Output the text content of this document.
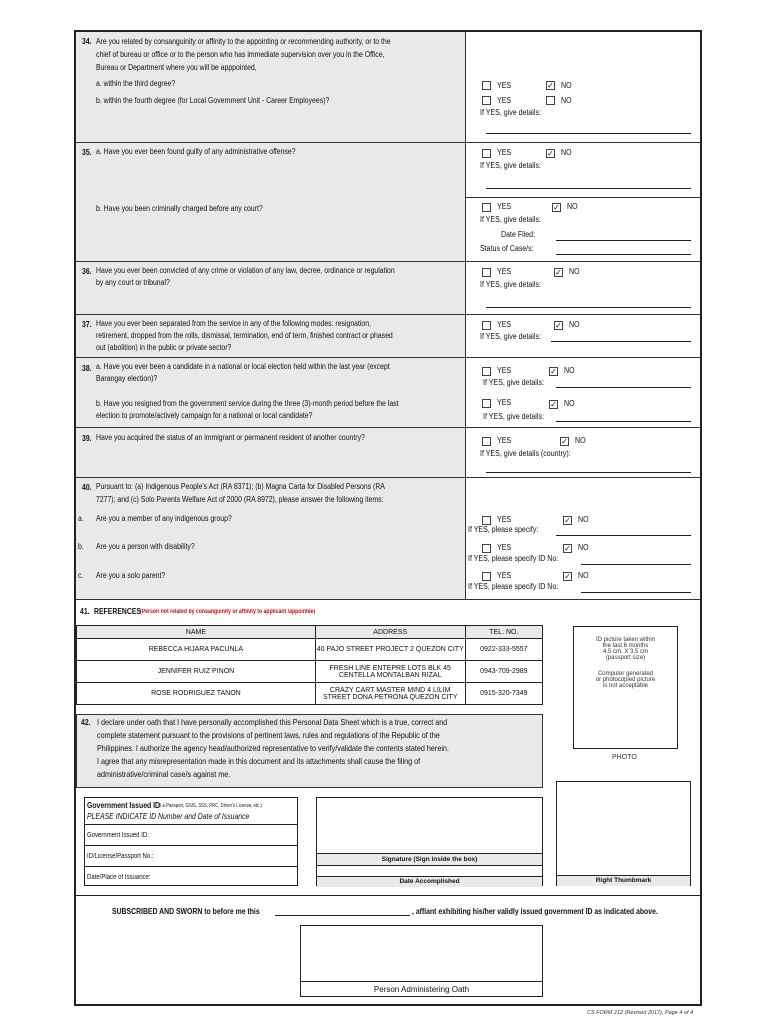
34. Are you related by consanguinity or affinity to the appointing or recommending authority, or to the
chief of bureau or office or to the person who has immediate supervision over you in the Office,
Bureau or Department where you will be apppointed,
a. within the third degree?
b. within the fourth degree (for Local Government Unit - Career Employees)?
YES	✓ NO
YES	NO
If YES, give details:
35. a. Have you ever been found guilty of any administrative offense?
b. Have you been criminally charged before any court?
YES	✓ NO
If YES, give details:
YES	✓ NO
If YES, give details:
Date Filed:
Status of Case/s:
36. Have you ever been convicted of any crime or violation of any law, decree, ordinance or regulation
by any court or tribunal?
YES	✓ NO
If YES, give details:
37. Have you ever been separated from the service in any of the following modes: resignation,
retirement, dropped from the rolls, dismissal, termination, end of term, finished contract or phased
out (abolition) in the public or private sector?
YES	✓ NO
If YES, give details:
38. a. Have you ever been a candidate in a national or local election held within the last year (except
Barangay election)?
b. Have you resigned from the government service during the three (3)-month period before the last
election to promote/actively campaign for a national or local candidate?
YES	✓ NO
If YES, give details:
YES	✓ NO
If YES, give details:
39. Have you acquired the status of an immigrant or permanent resident of another country?	YES	✓ NO
If YES, give details (country):
40. Pursuant to: (a) Indigenous People's Act (RA 8371); (b) Magna Carta for Disabled Persons (RA
7277); and (c) Solo Parents Welfare Act of 2000 (RA 8972), please answer the following items:
a. Are you a member of any indigenous group?
b. Are you a person with disability?
c. Are you a solo parent?
YES	✓ NO
If YES, please specify:
YES	✓ NO
If YES, please specify ID No:
YES	✓ NO
If YES, please specify ID No:
41. REFERENCES
(Person not related by consanguinity or affinity to applicant /appointee)
NAME	ADDRESS	TEL. NO.
REBECCA HIJARA PACUNLA	40 PAJO STREET PROJECT 2 QUEZON CITY	0922-333-5557
JENNIFER RUIZ PINON	FRESH LINE ENTEPRE LOTS BLK 45 CENTELLA MONTALBAN RIZAL	0943-709-2989
ROSE RODRIGUEZ TANON	CRAZY CART MASTER MIND 4 LILIM STREET DONA PETRONA QUEZON CITY	0915-320-7349
ID picture taken within
the last 6 months
4.5 cm. X 3.5 cm
(passport size)
Computer generated
or photocopied picture
is not acceptable
PHOTO
42. I declare under oath that I have personally accomplished this Personal Data Sheet which is a true, correct and
complete statement pursuant to the provisions of pertinent laws, rules and regulations of the Republic of the
Philippines. I authorize the agency head/authorized representative to verify/validate the contents stated herein.
I agree that any misrepresentation made in this document and its attachments shall cause the filing of
administrative/criminal case/s against me.
Government Issued ID
(i.e.Passport, GSIS, SSS, PRC, Driver's License, etc.)
PLEASE INDICATE ID Number and Date of Issuance
Government Issued ID:
ID/License/Passport No.:
Date/Place of Issuance:
Signature (Sign inside the box)
Date Accomplished	Right Thumbmark
SUBSCRIBED AND SWORN to before me this	, affiant exhibiting his/her validly issued government ID as indicated above.
Person Administering Oath
CS FORM 212 (Revised 2017), Page 4 of 4
